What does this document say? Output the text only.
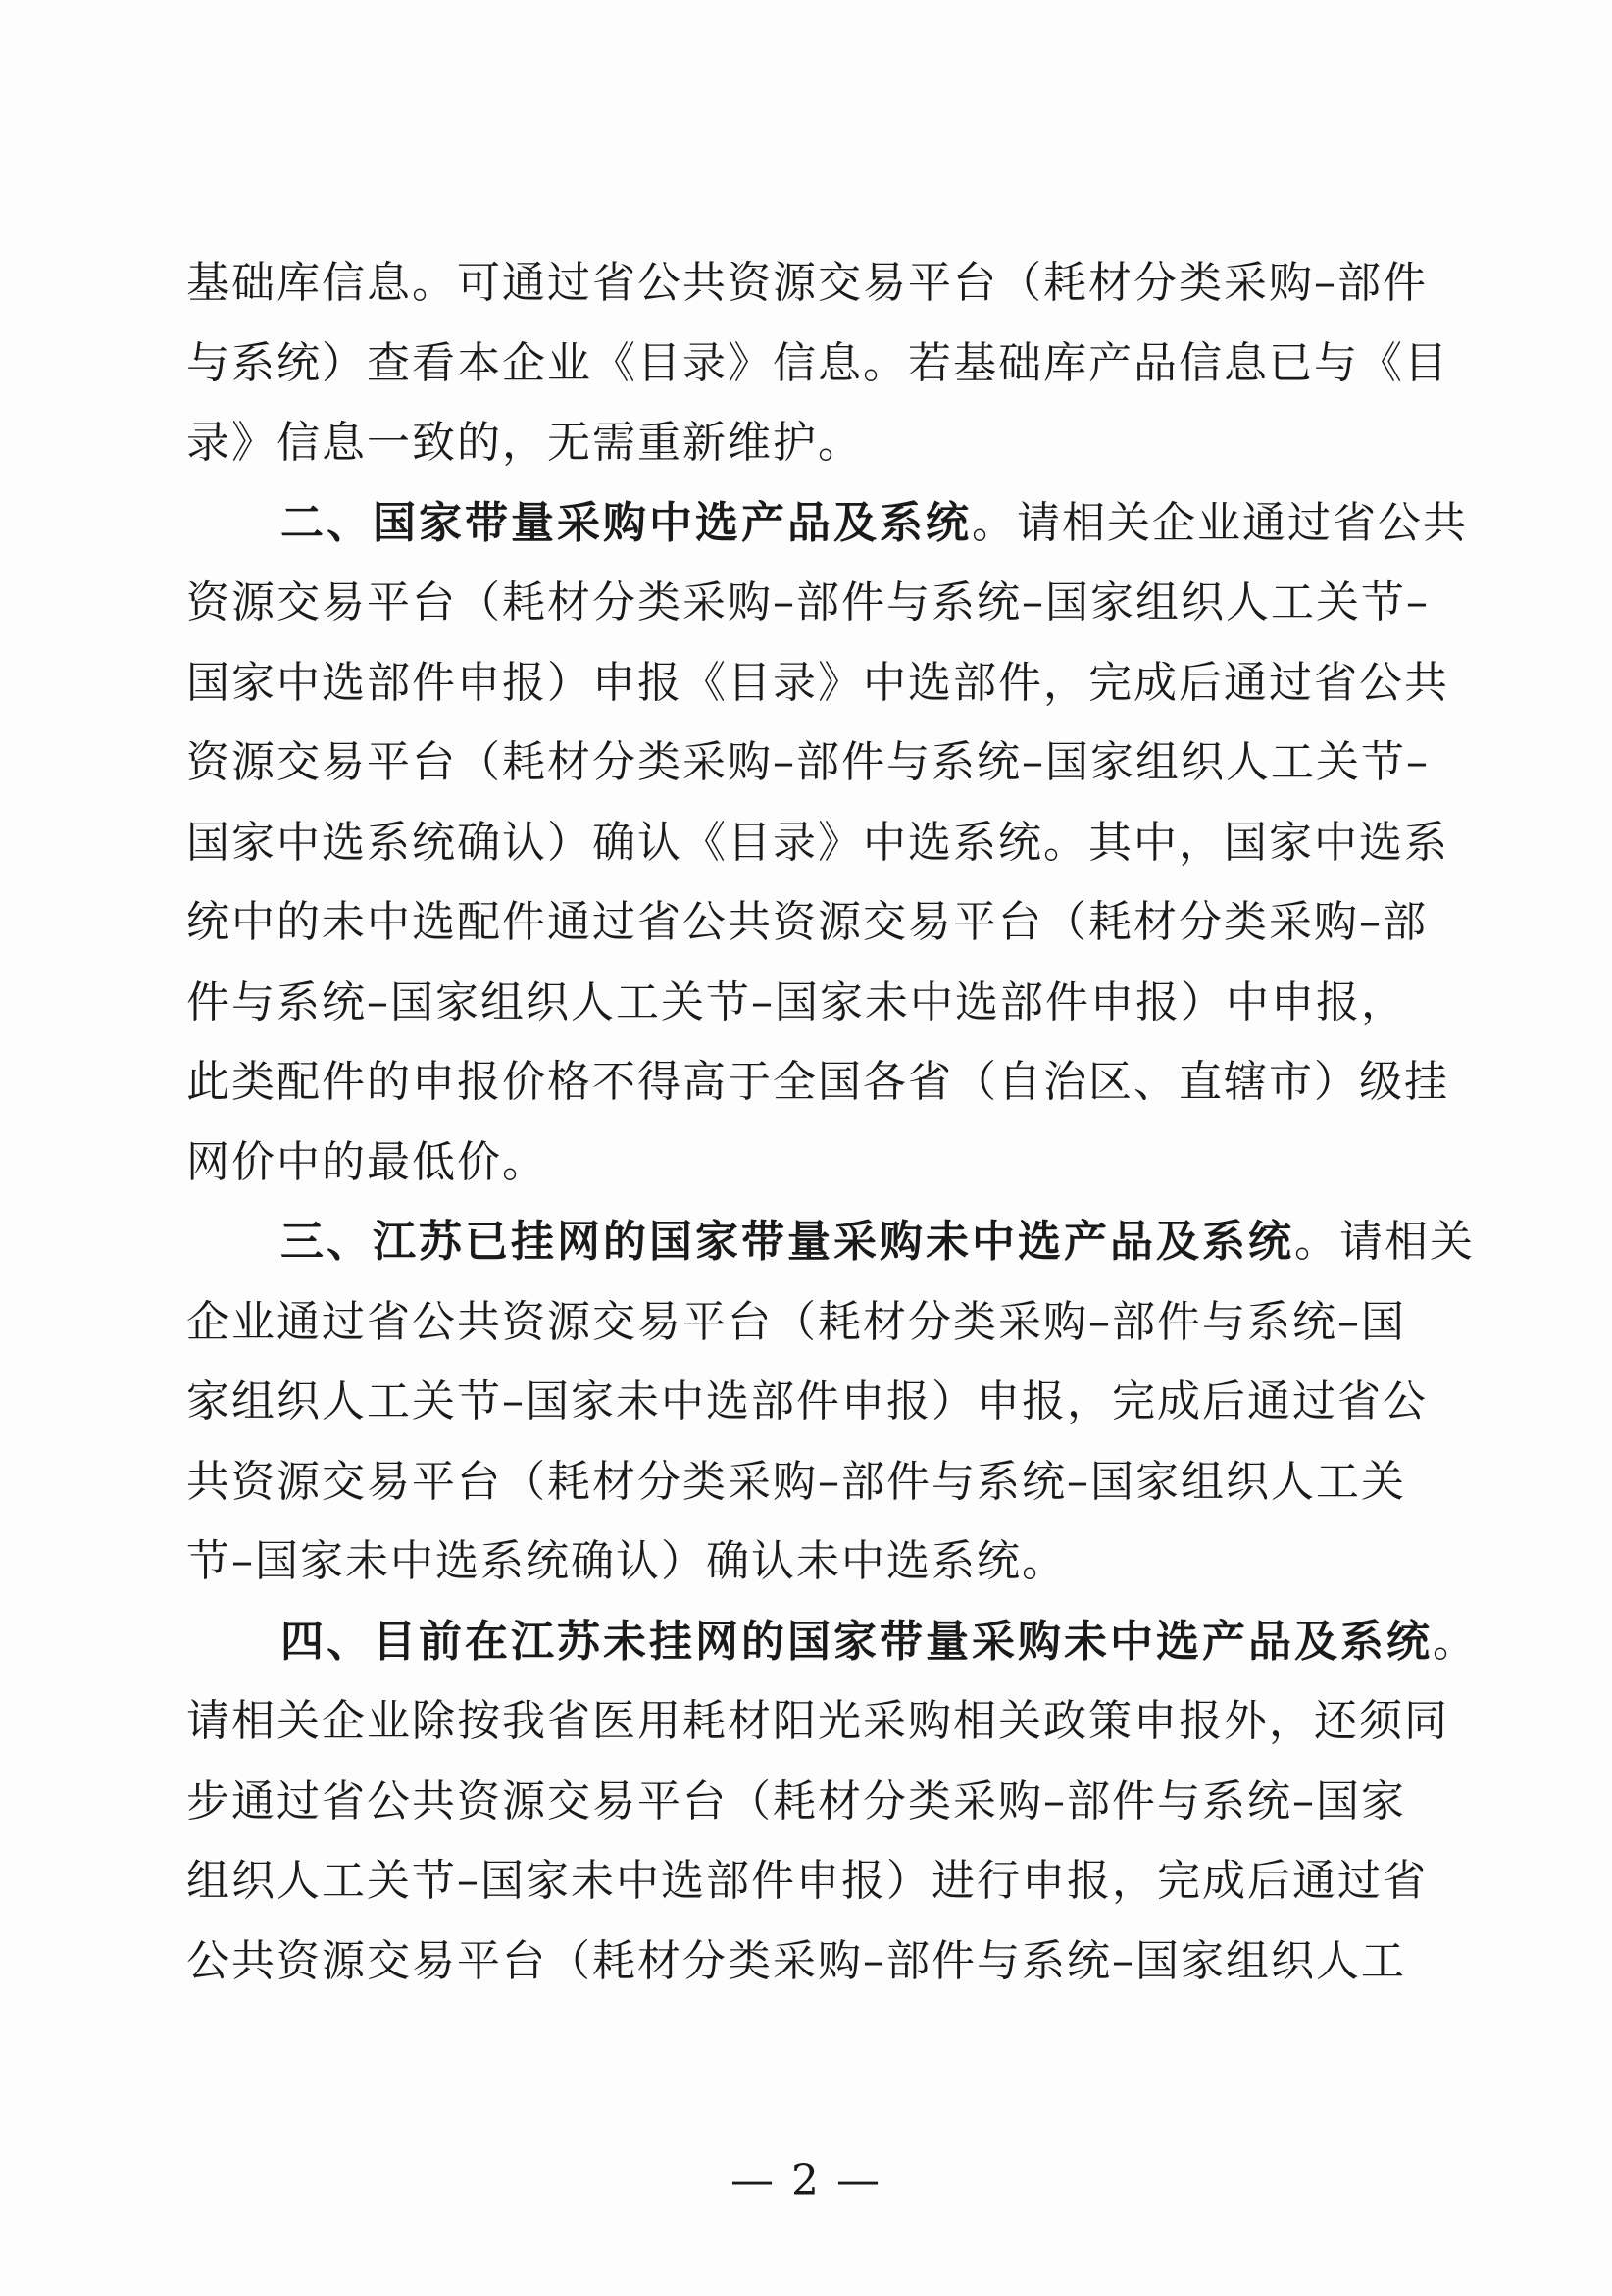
基础库信息。可通过省公共资源交易平台（耗材分类采购–部件
与系统）查看本企业《目录》信息。若基础库产品信息已与《目
录》信息一致的，无需重新维护。
二、国家带量采购中选产品及系统。请相关企业通过省公共
资源交易平台（耗材分类采购–部件与系统–国家组织人工关节–
国家中选部件申报）申报《目录》中选部件，完成后通过省公共
资源交易平台（耗材分类采购–部件与系统–国家组织人工关节–
国家中选系统确认）确认《目录》中选系统。其中，国家中选系
统中的未中选配件通过省公共资源交易平台（耗材分类采购–部
件与系统–国家组织人工关节–国家未中选部件申报）中申报，
此类配件的申报价格不得高于全国各省（自治区、直辖市）级挂
网价中的最低价。
三、江苏已挂网的国家带量采购未中选产品及系统。请相关
企业通过省公共资源交易平台（耗材分类采购–部件与系统–国
家组织人工关节–国家未中选部件申报）申报，完成后通过省公
共资源交易平台（耗材分类采购–部件与系统–国家组织人工关
节–国家未中选系统确认）确认未中选系统。
四、目前在江苏未挂网的国家带量采购未中选产品及系统。
请相关企业除按我省医用耗材阳光采购相关政策申报外，还须同
步通过省公共资源交易平台（耗材分类采购–部件与系统–国家
组织人工关节–国家未中选部件申报）进行申报，完成后通过省
公共资源交易平台（耗材分类采购–部件与系统–国家组织人工
— 2 —
